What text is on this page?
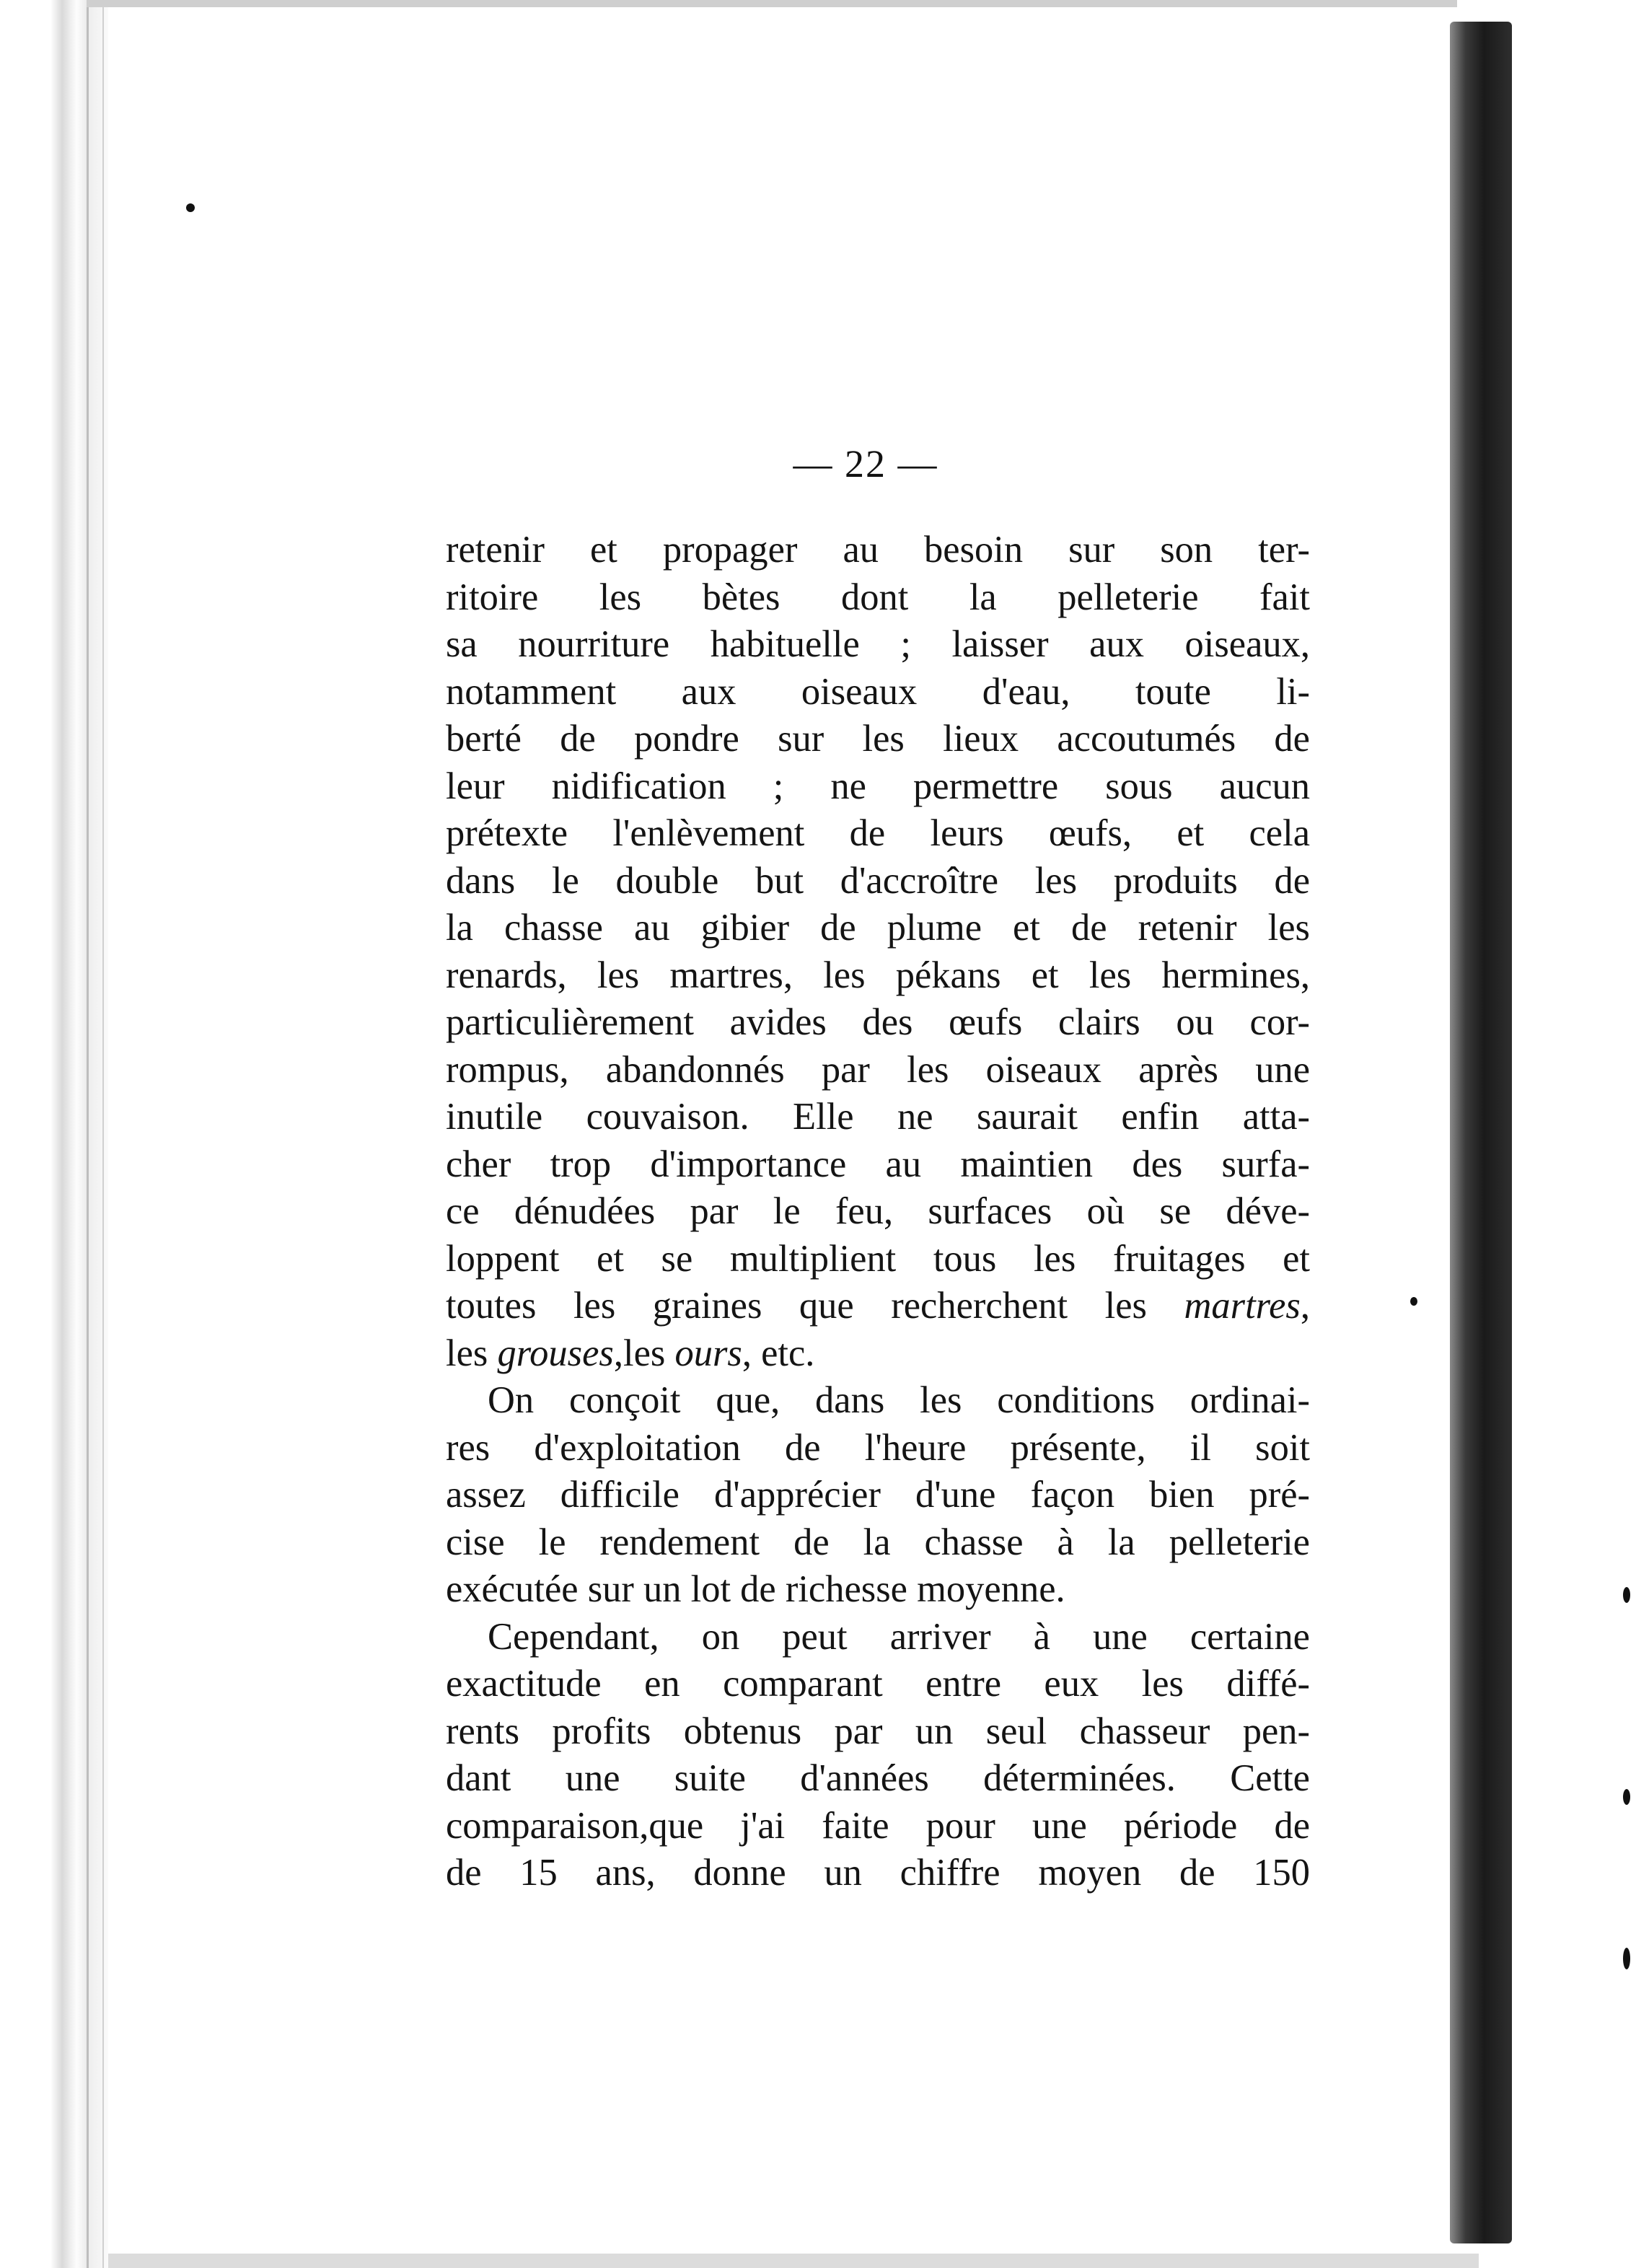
— 22 —
retenir et propager au besoin sur son ter-
ritoire les bètes dont la pelleterie fait
sa nourriture habituelle ; laisser aux oiseaux,
notamment aux oiseaux d'eau, toute li-
berté de pondre sur les lieux accoutumés de
leur nidification ; ne permettre sous aucun
prétexte l'enlèvement de leurs œufs, et cela
dans le double but d'accroître les produits de
la chasse au gibier de plume et de retenir les
renards, les martres, les pékans et les hermines,
particulièrement avides des œufs clairs ou cor-
rompus, abandonnés par les oiseaux après une
inutile couvaison. Elle ne saurait enfin atta-
cher trop d'importance au maintien des surfa-
ce dénudées par le feu, surfaces où se déve-
loppent et se multiplient tous les fruitages et
toutes les graines que recherchent les martres,
les grouses,les ours, etc.
On conçoit que, dans les conditions ordinai-
res d'exploitation de l'heure présente, il soit
assez difficile d'apprécier d'une façon bien pré-
cise le rendement de la chasse à la pelleterie
exécutée sur un lot de richesse moyenne.
Cependant, on peut arriver à une certaine
exactitude en comparant entre eux les diffé-
rents profits obtenus par un seul chasseur pen-
dant une suite d'années déterminées. Cette
comparaison,que j'ai faite pour une période de
de 15 ans, donne un chiffre moyen de 150
